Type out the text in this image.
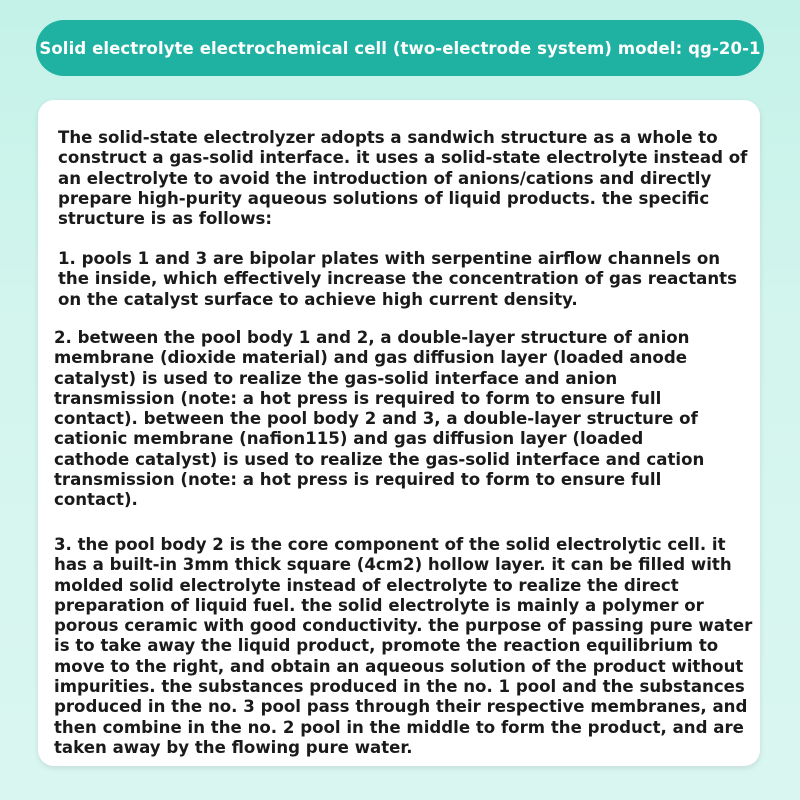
Solid electrolyte electrochemical cell (two-electrode system) model: qg-20-1

The solid-state electrolyzer adopts a sandwich structure as a whole to
construct a gas-solid interface. it uses a solid-state electrolyte instead of
an electrolyte to avoid the introduction of anions/cations and directly
prepare high-purity aqueous solutions of liquid products. the specific
structure is as follows:

1. pools 1 and 3 are bipolar plates with serpentine airflow channels on
the inside, which effectively increase the concentration of gas reactants
on the catalyst surface to achieve high current density.

2. between the pool body 1 and 2, a double-layer structure of anion
membrane (dioxide material) and gas diffusion layer (loaded anode
catalyst) is used to realize the gas-solid interface and anion
transmission (note: a hot press is required to form to ensure full
contact). between the pool body 2 and 3, a double-layer structure of
cationic membrane (nafion115) and gas diffusion layer (loaded
cathode catalyst) is used to realize the gas-solid interface and cation
transmission (note: a hot press is required to form to ensure full
contact).

3. the pool body 2 is the core component of the solid electrolytic cell. it
has a built-in 3mm thick square (4cm2) hollow layer. it can be filled with
molded solid electrolyte instead of electrolyte to realize the direct
preparation of liquid fuel. the solid electrolyte is mainly a polymer or
porous ceramic with good conductivity. the purpose of passing pure water
is to take away the liquid product, promote the reaction equilibrium to
move to the right, and obtain an aqueous solution of the product without
impurities. the substances produced in the no. 1 pool and the substances
produced in the no. 3 pool pass through their respective membranes, and
then combine in the no. 2 pool in the middle to form the product, and are
taken away by the flowing pure water.
